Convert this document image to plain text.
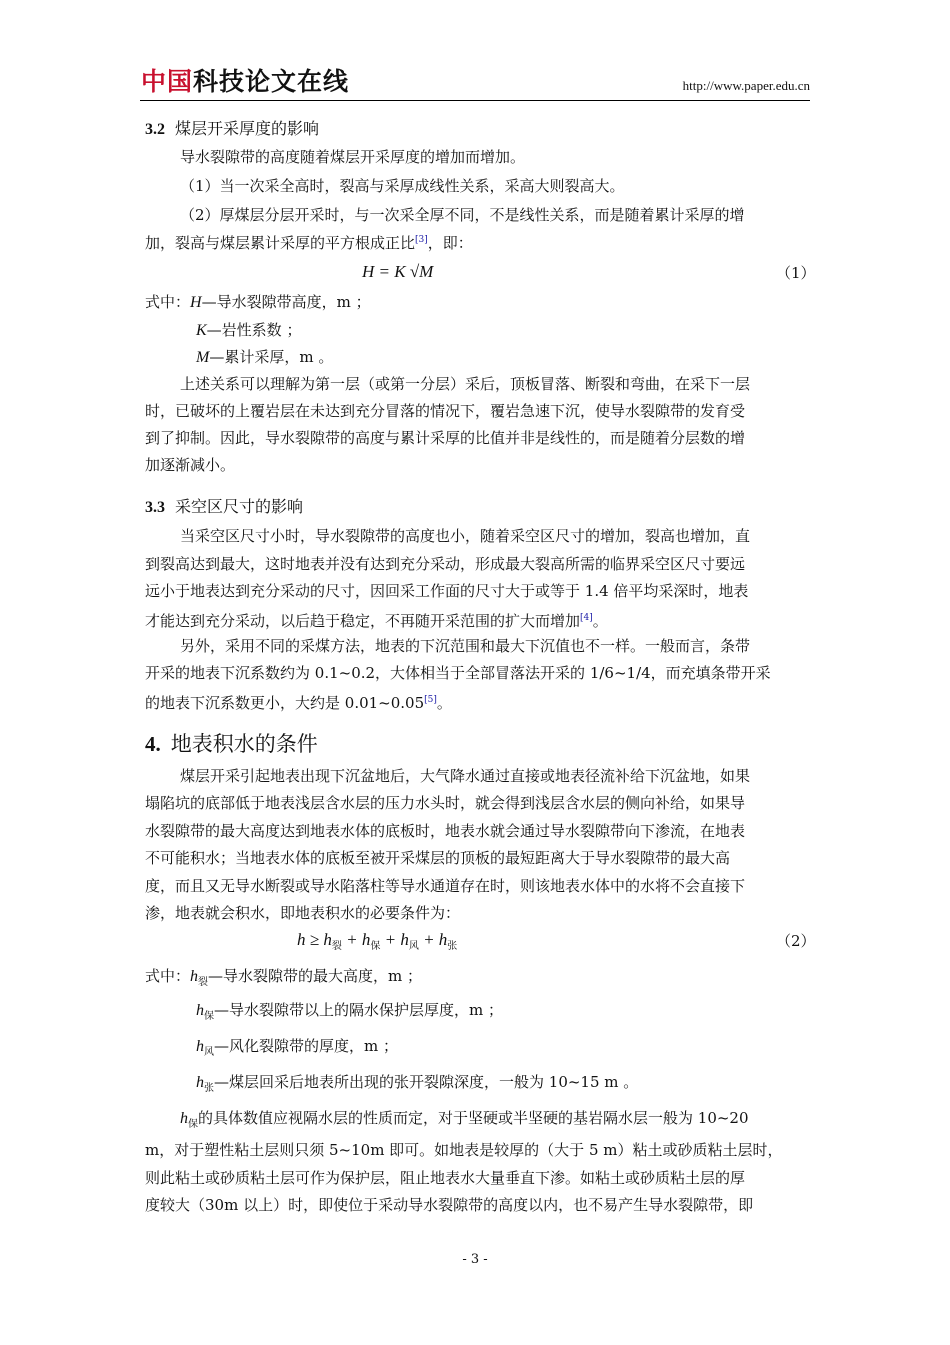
中国科技论文在线	http://www.paper.edu.cn
3.2 煤层开采厚度的影响
导水裂隙带的高度随着煤层开采厚度的增加而增加。
（1）当一次采全高时，裂高与采厚成线性关系，采高大则裂高大。
（2）厚煤层分层开采时，与一次采全厚不同，不是线性关系，而是随着累计采厚的增
加，裂高与煤层累计采厚的平方根成正比[3]，即：
H = K √M	（1）
式中：H—导水裂隙带高度，m ；
K—岩性系数 ；
M—累计采厚，m 。
上述关系可以理解为第一层（或第一分层）采后，顶板冒落、断裂和弯曲，在采下一层
时，已破坏的上覆岩层在未达到充分冒落的情况下，覆岩急速下沉，使导水裂隙带的发育受
到了抑制。因此，导水裂隙带的高度与累计采厚的比值并非是线性的，而是随着分层数的增
加逐渐减小。
3.3 采空区尺寸的影响
当采空区尺寸小时，导水裂隙带的高度也小，随着采空区尺寸的增加，裂高也增加，直
到裂高达到最大，这时地表并没有达到充分采动，形成最大裂高所需的临界采空区尺寸要远
远小于地表达到充分采动的尺寸，因回采工作面的尺寸大于或等于 1.4 倍平均采深时，地表
才能达到充分采动，以后趋于稳定，不再随开采范围的扩大而增加[4]。
另外，采用不同的采煤方法，地表的下沉范围和最大下沉值也不一样。一般而言，条带
开采的地表下沉系数约为 0.1~0.2，大体相当于全部冒落法开采的 1/6~1/4，而充填条带开采
的地表下沉系数更小，大约是 0.01~0.05[5]。
4. 地表积水的条件
煤层开采引起地表出现下沉盆地后，大气降水通过直接或地表径流补给下沉盆地，如果
塌陷坑的底部低于地表浅层含水层的压力水头时，就会得到浅层含水层的侧向补给，如果导
水裂隙带的最大高度达到地表水体的底板时，地表水就会通过导水裂隙带向下渗流，在地表
不可能积水；当地表水体的底板至被开采煤层的顶板的最短距离大于导水裂隙带的最大高
度，而且又无导水断裂或导水陷落柱等导水通道存在时，则该地表水体中的水将不会直接下
渗，地表就会积水，即地表积水的必要条件为：
$h \ge h_裂 + h_保 + h_风 + h_张$	（2）
式中：$h_裂—$导水裂隙带的最大高度，m ；
$h_保—$导水裂隙带以上的隔水保护层厚度，m ；
$h_风—$风化裂隙带的厚度，m ；
$h_张—$煤层回采后地表所出现的张开裂隙深度，一般为 10~15 m 。
$h_保$的具体数值应视隔水层的性质而定，对于坚硬或半坚硬的基岩隔水层一般为 10~20
m，对于塑性粘土层则只须 5~10m 即可。如地表是较厚的（大于 5 m）粘土或砂质粘土层时，
则此粘土或砂质粘土层可作为保护层，阻止地表水大量垂直下渗。如粘土或砂质粘土层的厚
度较大（30m 以上）时，即使位于采动导水裂隙带的高度以内，也不易产生导水裂隙带，即
- 3 -
